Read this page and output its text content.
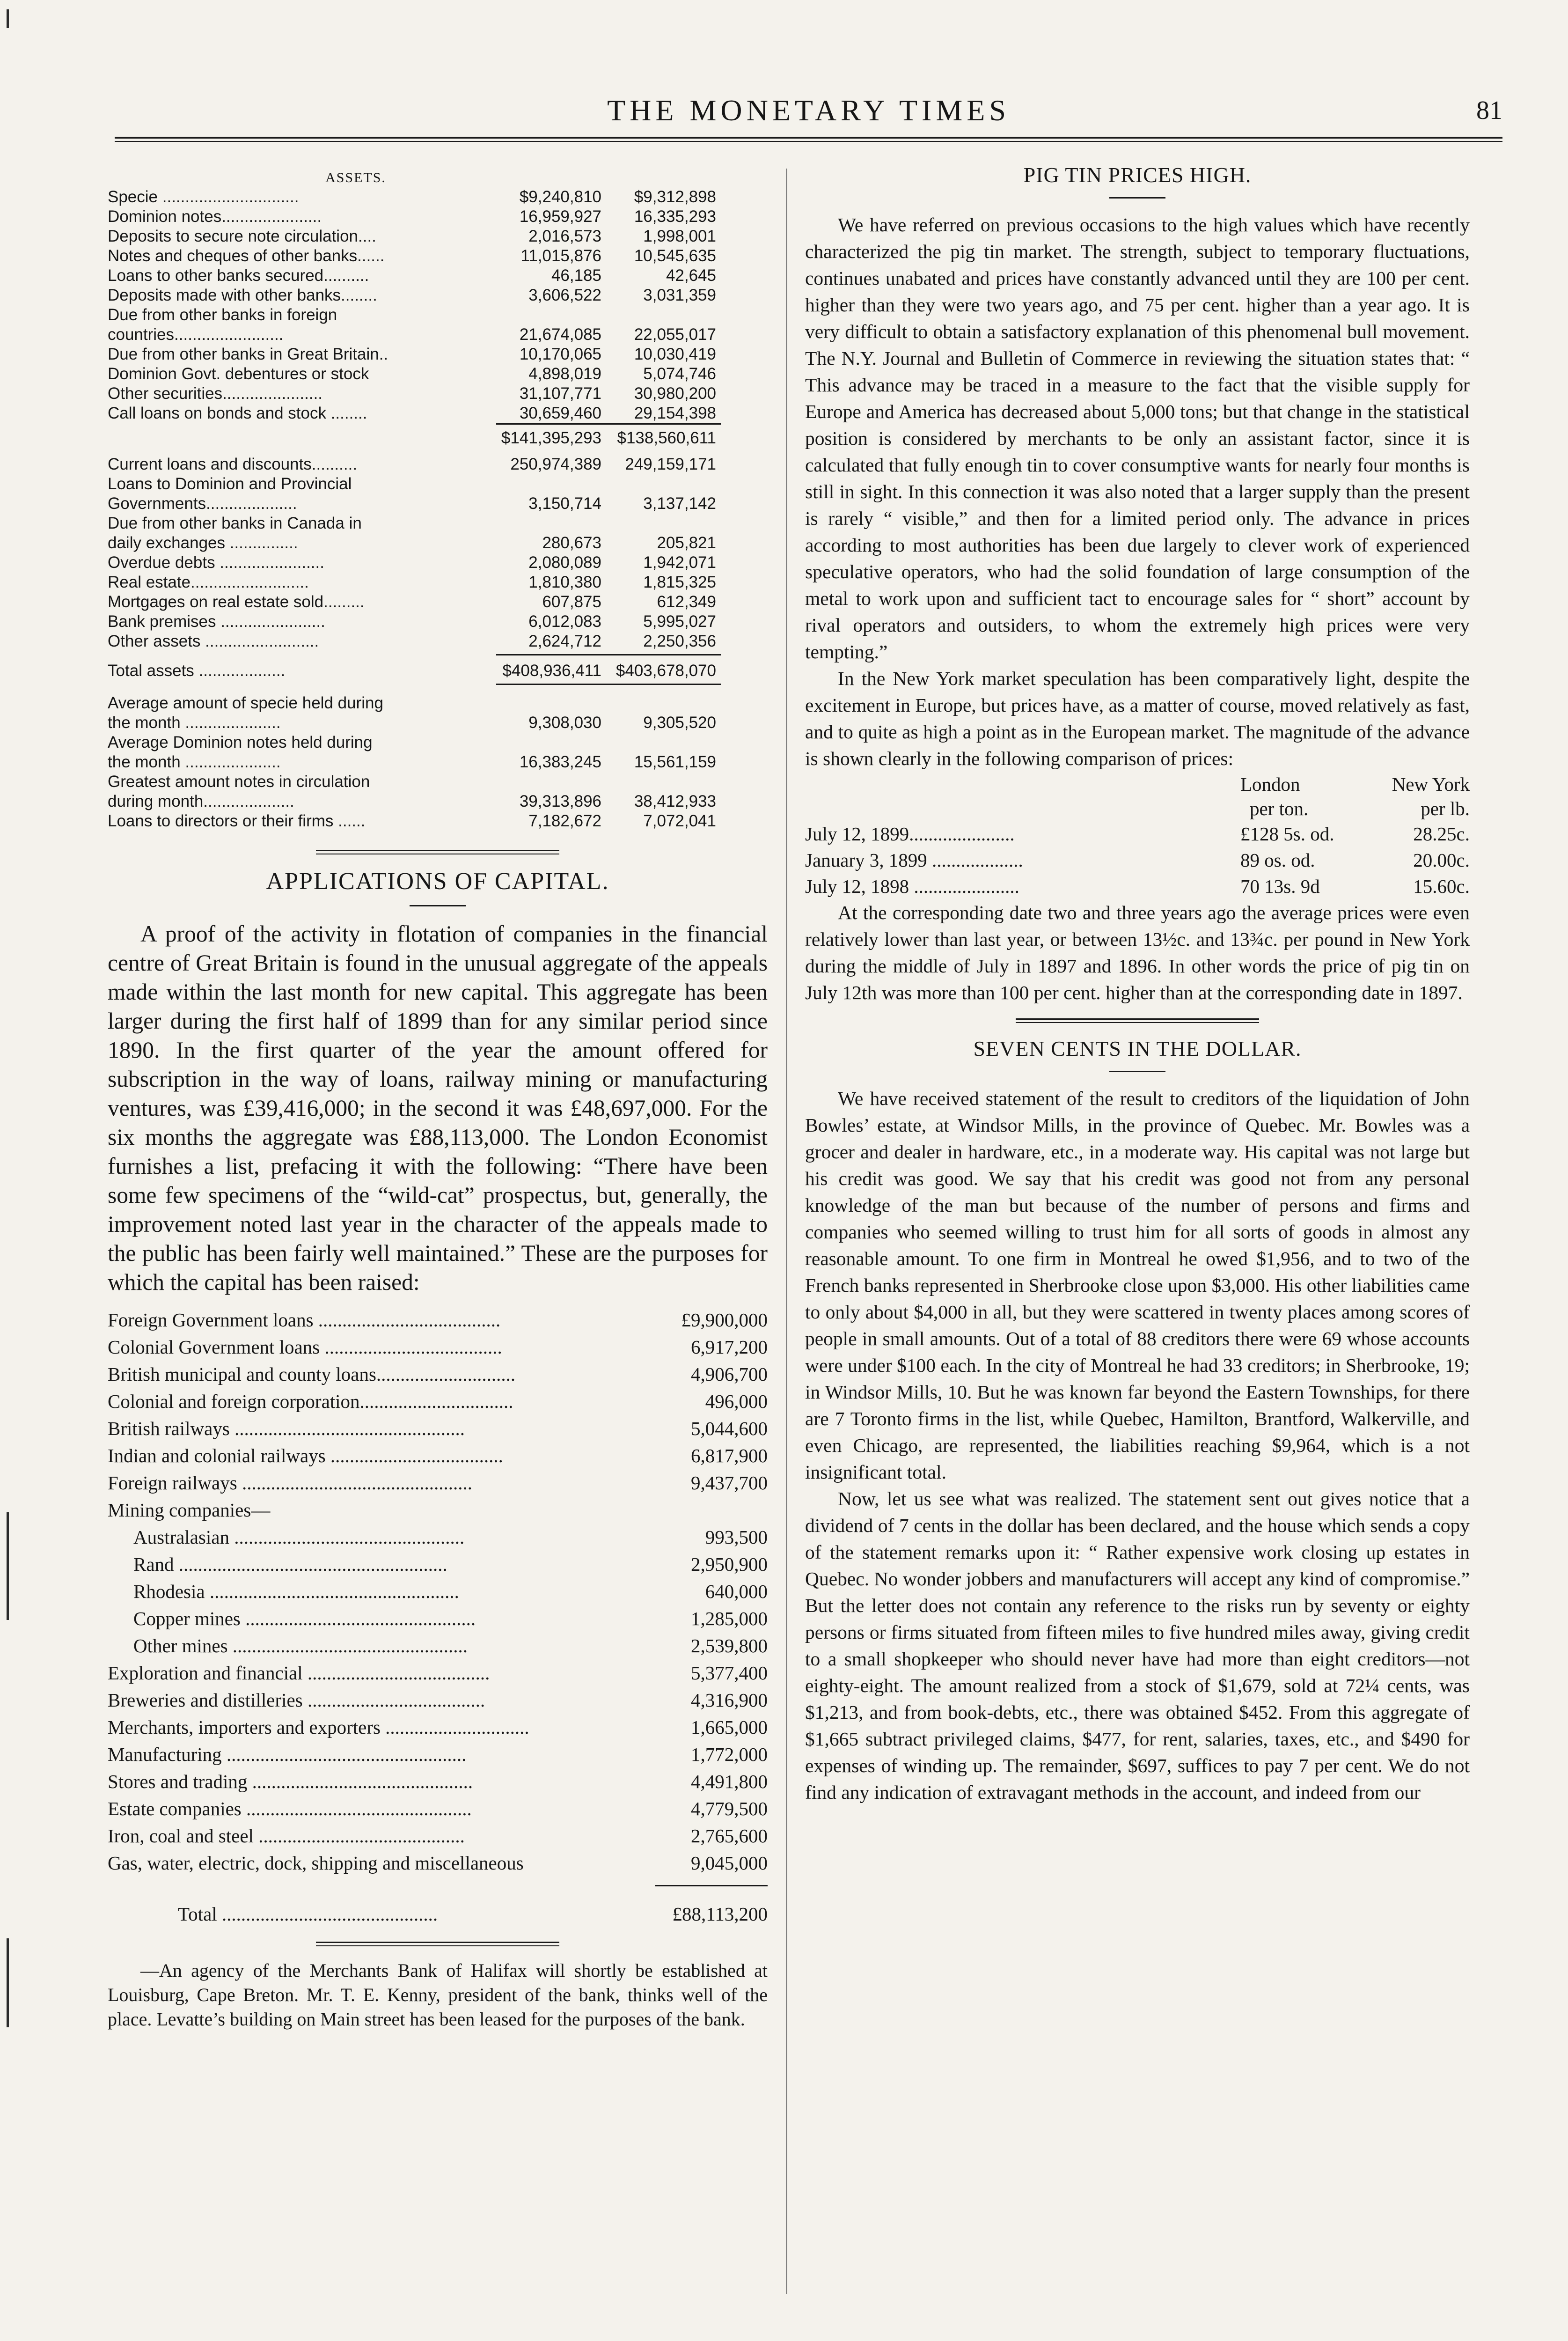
THE MONETARY TIMES	81
ASSETS.
Specie ..............................	$9,240,810	$9,312,898
Dominion notes......................	16,959,927	16,335,293
Deposits to secure note circulation....	2,016,573	1,998,001
Notes and cheques of other banks......	11,015,876	10,545,635
Loans to other banks secured..........	46,185	42,645
Deposits made with other banks........	3,606,522	3,031,359
Due from other banks in foreign
countries........................	21,674,085	22,055,017
Due from other banks in Great Britain..	10,170,065	10,030,419
Dominion Govt. debentures or stock	4,898,019	5,074,746
Other securities......................	31,107,771	30,980,200
Call loans on bonds and stock ........	30,659,460	29,154,398
$141,395,293 $138,560,611
Current loans and discounts..........	250,974,389	249,159,171
Loans to Dominion and Provincial
Governments....................	3,150,714	3,137,142
Due from other banks in Canada in
daily exchanges ...............	280,673	205,821
Overdue debts .......................	2,080,089	1,942,071
Real estate..........................	1,810,380	1,815,325
Mortgages on real estate sold.........	607,875	612,349
Bank premises .......................	6,012,083	5,995,027
Other assets .........................	2,624,712	2,250,356
Total assets ...................	$408,936,411 $403,678,070
Average amount of specie held during
the month .....................	9,308,030	9,305,520
Average Dominion notes held during
the month .....................	16,383,245	15,561,159
Greatest amount notes in circulation
during month....................	39,313,896	38,412,933
Loans to directors or their firms ......	7,182,672	7,072,041
APPLICATIONS OF CAPITAL.

A proof of the activity in flotation of companies in the financial centre of Great Britain is found in the unusual aggregate of the appeals made within the last month for new capital. This aggregate has been larger during the first half of 1899 than for any similar period since 1890. In the first quarter of the year the amount offered for subscription in the way of loans, railway mining or manufacturing ventures, was £39,416,000; in the second it was £48,697,000. For the six months the aggregate was £88,113,000. The London Economist furnishes a list, prefacing it with the following: “There have been some few specimens of the “wild-cat” prospectus, but, generally, the improvement noted last year in the character of the appeals made to the public has been fairly well maintained.” These are the purposes for which the capital has been raised:

Foreign Government loans ......................................	£9,900,000
Colonial Government loans .....................................	6,917,200
British municipal and county loans.............................	4,906,700
Colonial and foreign corporation................................	496,000
British railways ................................................	5,044,600
Indian and colonial railways ....................................	6,817,900
Foreign railways ................................................	9,437,700
Mining companies—
Australasian ................................................	993,500
Rand ........................................................	2,950,900
Rhodesia ....................................................	640,000
Copper mines ................................................	1,285,000
Other mines .................................................	2,539,800
Exploration and financial ......................................	5,377,400
Breweries and distilleries .....................................	4,316,900
Merchants, importers and exporters ..............................	1,665,000
Manufacturing ..................................................	1,772,000
Stores and trading ..............................................	4,491,800
Estate companies ...............................................	4,779,500
Iron, coal and steel ...........................................	2,765,600
Gas, water, electric, dock, shipping and miscellaneous	9,045,000
Total .............................................	£88,113,200

—An agency of the Merchants Bank of Halifax will shortly be established at Louisburg, Cape Breton. Mr. T. E. Kenny, president of the bank, thinks well of the place. Levatte’s building on Main street has been leased for the purposes of the bank.

PIG TIN PRICES HIGH.

We have referred on previous occasions to the high values which have recently characterized the pig tin market. The strength, subject to temporary fluctuations, continues unabated and prices have constantly advanced until they are 100 per cent. higher than they were two years ago, and 75 per cent. higher than a year ago. It is very difficult to obtain a satisfactory explanation of this phenomenal bull movement. The N.Y. Journal and Bulletin of Commerce in reviewing the situation states that: “ This advance may be traced in a measure to the fact that the visible supply for Europe and America has decreased about 5,000 tons; but that change in the statistical position is considered by merchants to be only an assistant factor, since it is calculated that fully enough tin to cover consumptive wants for nearly four months is still in sight. In this connection it was also noted that a larger supply than the present is rarely “ visible,” and then for a limited period only. The advance in prices according to most authorities has been due largely to clever work of experienced speculative operators, who had the solid foundation of large consumption of the metal to work upon and sufficient tact to encourage sales for “ short” account by rival operators and outsiders, to whom the extremely high prices were very tempting.”

In the New York market speculation has been comparatively light, despite the excitement in Europe, but prices have, as a matter of course, moved relatively as fast, and to quite as high a point as in the European market. The magnitude of the advance is shown clearly in the following comparison of prices:

London	New York
per ton.	per lb.
July 12, 1899......................	£128 5s. od.	28.25c.
January 3, 1899 ...................	89 os. od.	20.00c.
July 12, 1898 ......................	70 13s. 9d	15.60c.

At the corresponding date two and three years ago the average prices were even relatively lower than last year, or between 13½c. and 13¾c. per pound in New York during the middle of July in 1897 and 1896. In other words the price of pig tin on July 12th was more than 100 per cent. higher than at the corresponding date in 1897.

SEVEN CENTS IN THE DOLLAR.

We have received statement of the result to creditors of the liquidation of John Bowles’ estate, at Windsor Mills, in the province of Quebec. Mr. Bowles was a grocer and dealer in hardware, etc., in a moderate way. His capital was not large but his credit was good. We say that his credit was good not from any personal knowledge of the man but because of the number of persons and firms and companies who seemed willing to trust him for all sorts of goods in almost any reasonable amount. To one firm in Montreal he owed $1,956, and to two of the French banks represented in Sherbrooke close upon $3,000. His other liabilities came to only about $4,000 in all, but they were scattered in twenty places among scores of people in small amounts. Out of a total of 88 creditors there were 69 whose accounts were under $100 each. In the city of Montreal he had 33 creditors; in Sherbrooke, 19; in Windsor Mills, 10. But he was known far beyond the Eastern Townships, for there are 7 Toronto firms in the list, while Quebec, Hamilton, Brantford, Walkerville, and even Chicago, are represented, the liabilities reaching $9,964, which is a not insignificant total.

Now, let us see what was realized. The statement sent out gives notice that a dividend of 7 cents in the dollar has been declared, and the house which sends a copy of the statement remarks upon it: “ Rather expensive work closing up estates in Quebec. No wonder jobbers and manufacturers will accept any kind of compromise.” But the letter does not contain any reference to the risks run by seventy or eighty persons or firms situated from fifteen miles to five hundred miles away, giving credit to a small shopkeeper who should never have had more than eight creditors—not eighty-eight. The amount realized from a stock of $1,679, sold at 72¼ cents, was $1,213, and from book-debts, etc., there was obtained $452. From this aggregate of $1,665 subtract privileged claims, $477, for rent, salaries, taxes, etc., and $490 for expenses of winding up. The remainder, $697, suffices to pay 7 per cent. We do not find any indication of extravagant methods in the account, and indeed from our
